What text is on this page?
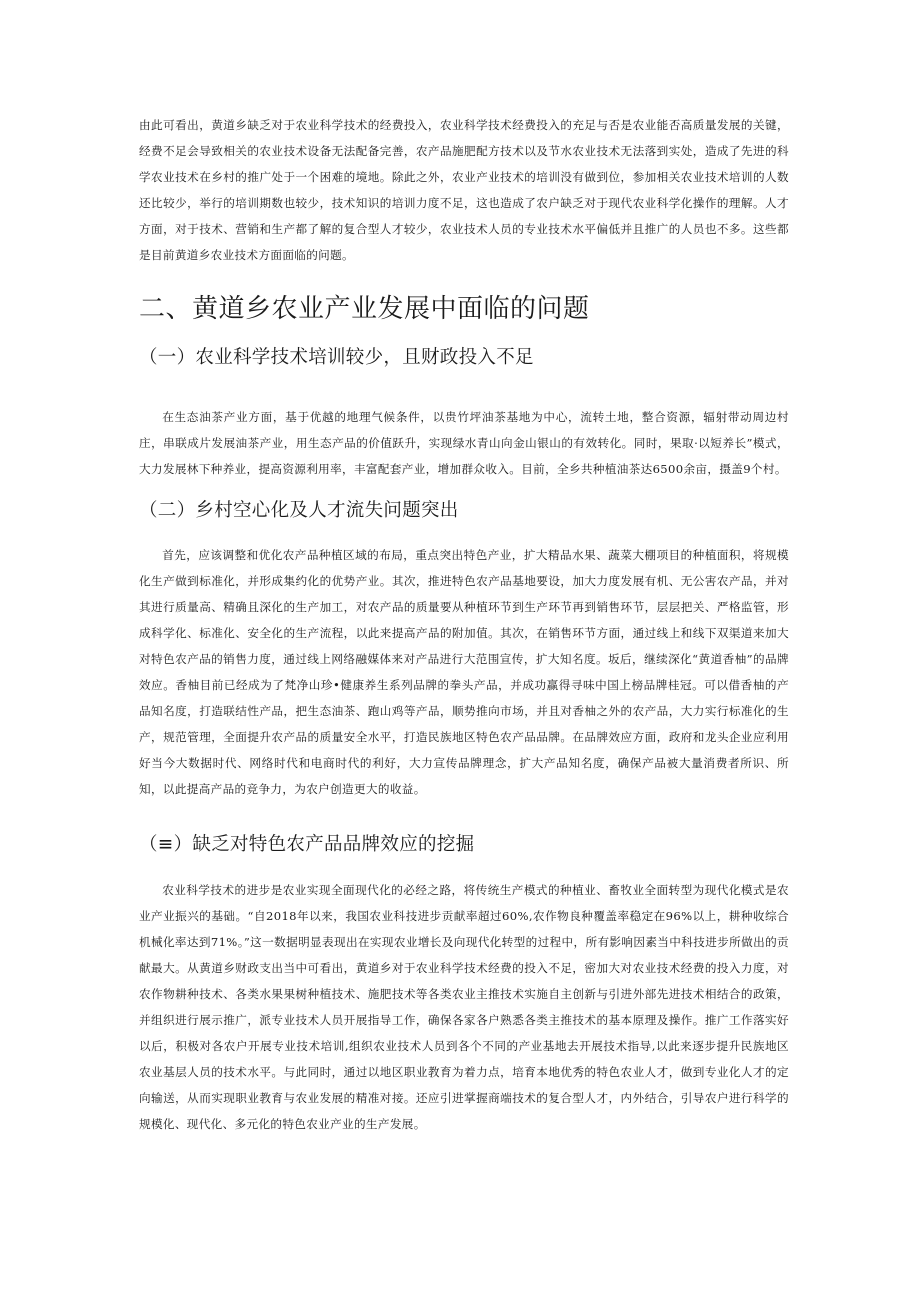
由此可看出，黄道乡缺乏对于农业科学技术的经费投入，农业科学技术经费投入的充足与否是农业能否高质量发展的关键，经费不足会导致相关的农业技术设备无法配备完善，农产品施肥配方技术以及节水农业技术无法落到实处，造成了先进的科学农业技术在乡村的推广处于一个困难的境地。除此之外，农业产业技术的培训没有做到位，参加相关农业技术培训的人数还比较少，举行的培训期数也较少，技术知识的培训力度不足，这也造成了农户缺乏对于现代农业科学化操作的理解。人才方面，对于技术、营销和生产都了解的复合型人才较少，农业技术人员的专业技术水平偏低并且推广的人员也不多。这些都是目前黄道乡农业技术方面面临的问题。

二、黄道乡农业产业发展中面临的问题
（一）农业科学技术培训较少，且财政投入不足

在生态油茶产业方面，基于优越的地理气候条件，以贵竹坪油茶基地为中心，流转土地，整合资源，辐射带动周边村庄，串联成片发展油茶产业，用生态产品的价值跃升，实现绿水青山向金山银山的有效转化。同时，果取·以短养长”模式，大力发展林下种养业，提高资源利用率，丰富配套产业，增加群众收入。目前，全乡共种植油茶达6500余亩，摄盖9个村。

（二）乡村空心化及人才流失问题突出

首先，应该调整和优化农产品种植区域的布局，重点突出特色产业，扩大精品水果、蔬菜大棚项目的种植面积，将规模化生产做到标准化，并形成集约化的优势产业。其次，推进特色农产品基地要设，加大力度发展有机、无公害农产品，并对其进行质量高、精确且深化的生产加工，对农产品的质量要从种植环节到生产环节再到销售环节，层层把关、严格监管，形成科学化、标准化、安全化的生产流程，以此来提高产品的附加值。其次，在销售环节方面，通过线上和线下双渠道来加大对特色农产品的销售力度，通过线上网络融媒体来对产品进行大范围宣传，扩大知名度。坂后，继续深化“黄道香柚”的品牌效应。香柚目前已经成为了梵净山珍•健康养生系列品牌的拳头产品，并成功赢得寻味中国上榜品牌桂冠。可以借香柚的产品知名度，打造联结性产品，把生态油茶、跑山鸡等产品，顺势推向市场，并且对香柚之外的农产品，大力实行标准化的生产，规范管理，全面提升农产品的质量安全水平，打造民族地区特色农产品品牌。在品牌效应方面，政府和龙头企业应利用好当今大数据时代、网络时代和电商时代的利好，大力宣传品牌理念，扩大产品知名度，确保产品被大量消费者所识、所知，以此提高产品的竞争力，为农户创造更大的收益。

（≡）缺乏对特色农产品品牌效应的挖掘

农业科学技术的进步是农业实现全面现代化的必经之路，将传统生产模式的种植业、畜牧业全面转型为现代化模式是农业产业振兴的基础。“自2018年以来，我国农业科技进步贡献率超过60%,农作物良种覆盖率稳定在96%以上，耕种收综合机械化率达到71%。”这一数据明显表现出在实现农业增长及向现代化转型的过程中，所有影响因素当中科技进步所做出的贡献最大。从黄道乡财政支出当中可看出，黄道乡对于农业科学技术经费的投入不足，密加大对农业技术经费的投入力度，对农作物耕种技术、各类水果果树种植技术、施肥技术等各类农业主推技术实施自主创新与引进外部先进技术相结合的政策，并组织进行展示推广，派专业技术人员开展指导工作，确保各家各户熟悉各类主推技术的基本原理及操作。推广工作落实好以后，积极对各农户开展专业技术培训,组织农业技术人员到各个不同的产业基地去开展技术指导,以此来逐步提升民族地区农业基层人员的技术水平。与此同时，通过以地区职业教育为着力点，培育本地优秀的特色农业人才，做到专业化人才的定向输送，从而实现职业教育与农业发展的精准对接。还应引进掌握商端技术的复合型人才，内外结合，引导农户进行科学的规模化、现代化、多元化的特色农业产业的生产发展。
